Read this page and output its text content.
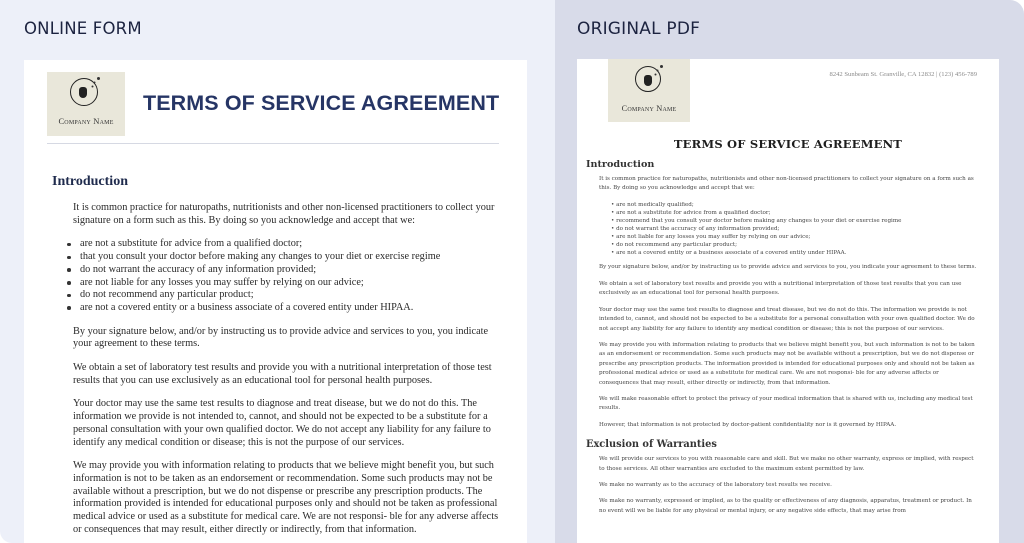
ONLINE FORM
Company Name
TERMS OF SERVICE AGREEMENT
Introduction

It is common practice for naturopaths, nutritionists and other non-licensed practitioners to collect your signature on a form such as this. By doing so you acknowledge and accept that we:

are not a substitute for advice from a qualified doctor;
that you consult your doctor before making any changes to your diet or exercise regime
do not warrant the accuracy of any information provided;
are not liable for any losses you may suffer by relying on our advice;
do not recommend any particular product;
are not a covered entity or a business associate of a covered entity under HIPAA.

By your signature below, and/or by instructing us to provide advice and services to you, you indicate your agreement to these terms.

We obtain a set of laboratory test results and provide you with a nutritional interpretation of those test results that you can use exclusively as an educational tool for personal health purposes.

Your doctor may use the same test results to diagnose and treat disease, but we do not do this. The information we provide is not intended to, cannot, and should not be expected to be a substitute for a personal consultation with your own qualified doctor. We do not accept any liability for any failure to identify any medical condition or disease; this is not the purpose of our services.

We may provide you with information relating to products that we believe might benefit you, but such information is not to be taken as an endorsement or recommendation. Some such products may not be available without a prescription, but we do not dispense or prescribe any prescription products. The information provided is intended for educational purposes only and should not be taken as professional medical advice or used as a substitute for medical care. We are not responsi- ble for any adverse affects or consequences that may result, either directly or indirectly, from that information.

ORIGINAL PDF
Company Name
8242 Sunbeam St. Granville, CA 12832 | (123) 456-789
TERMS OF SERVICE AGREEMENT
Introduction

It is common practice for naturopaths, nutritionists and other non-licensed practitioners to collect your signature on a form such as this. By doing so you acknowledge and accept that we:

• are not medically qualified;
• are not a substitute for advice from a qualified doctor;
• recommend that you consult your doctor before making any changes to your diet or exercise regime
• do not warrant the accuracy of any information provided;
• are not liable for any losses you may suffer by relying on our advice;
• do not recommend any particular product;
• are not a covered entity or a business associate of a covered entity under HIPAA.

By your signature below, and/or by instructing us to provide advice and services to you, you indicate your agreement to these terms.

We obtain a set of laboratory test results and provide you with a nutritional interpretation of those test results that you can use exclusively as an educational tool for personal health purposes.

Your doctor may use the same test results to diagnose and treat disease, but we do not do this. The information we provide is not intended to, cannot, and should not be expected to be a substitute for a personal consultation with your own qualified doctor. We do not accept any liability for any failure to identify any medical condition or disease; this is not the purpose of our services.

We may provide you with information relating to products that we believe might benefit you, but such information is not to be taken as an endorsement or recommendation. Some such products may not be available without a prescription, but we do not dispense or prescribe any prescription products. The information provided is intended for educational purposes only and should not be taken as professional medical advice or used as a substitute for medical care. We are not responsi- ble for any adverse affects or consequences that may result, either directly or indirectly, from that information.

We will make reasonable effort to protect the privacy of your medical information that is shared with us, including any medical test results.

However, that information is not protected by doctor-patient confidentiality nor is it governed by HIPAA.

Exclusion of Warranties

We will provide our services to you with reasonable care and skill. But we make no other warranty, express or implied, with respect to those services. All other warranties are excluded to the maximum extent permitted by law.

We make no warranty as to the accuracy of the laboratory test results we receive.

We make no warranty, expressed or implied, as to the quality or effectiveness of any diagnosis, apparatus, treatment or product. In no event will we be liable for any physical or mental injury, or any negative side effects, that may arise from
